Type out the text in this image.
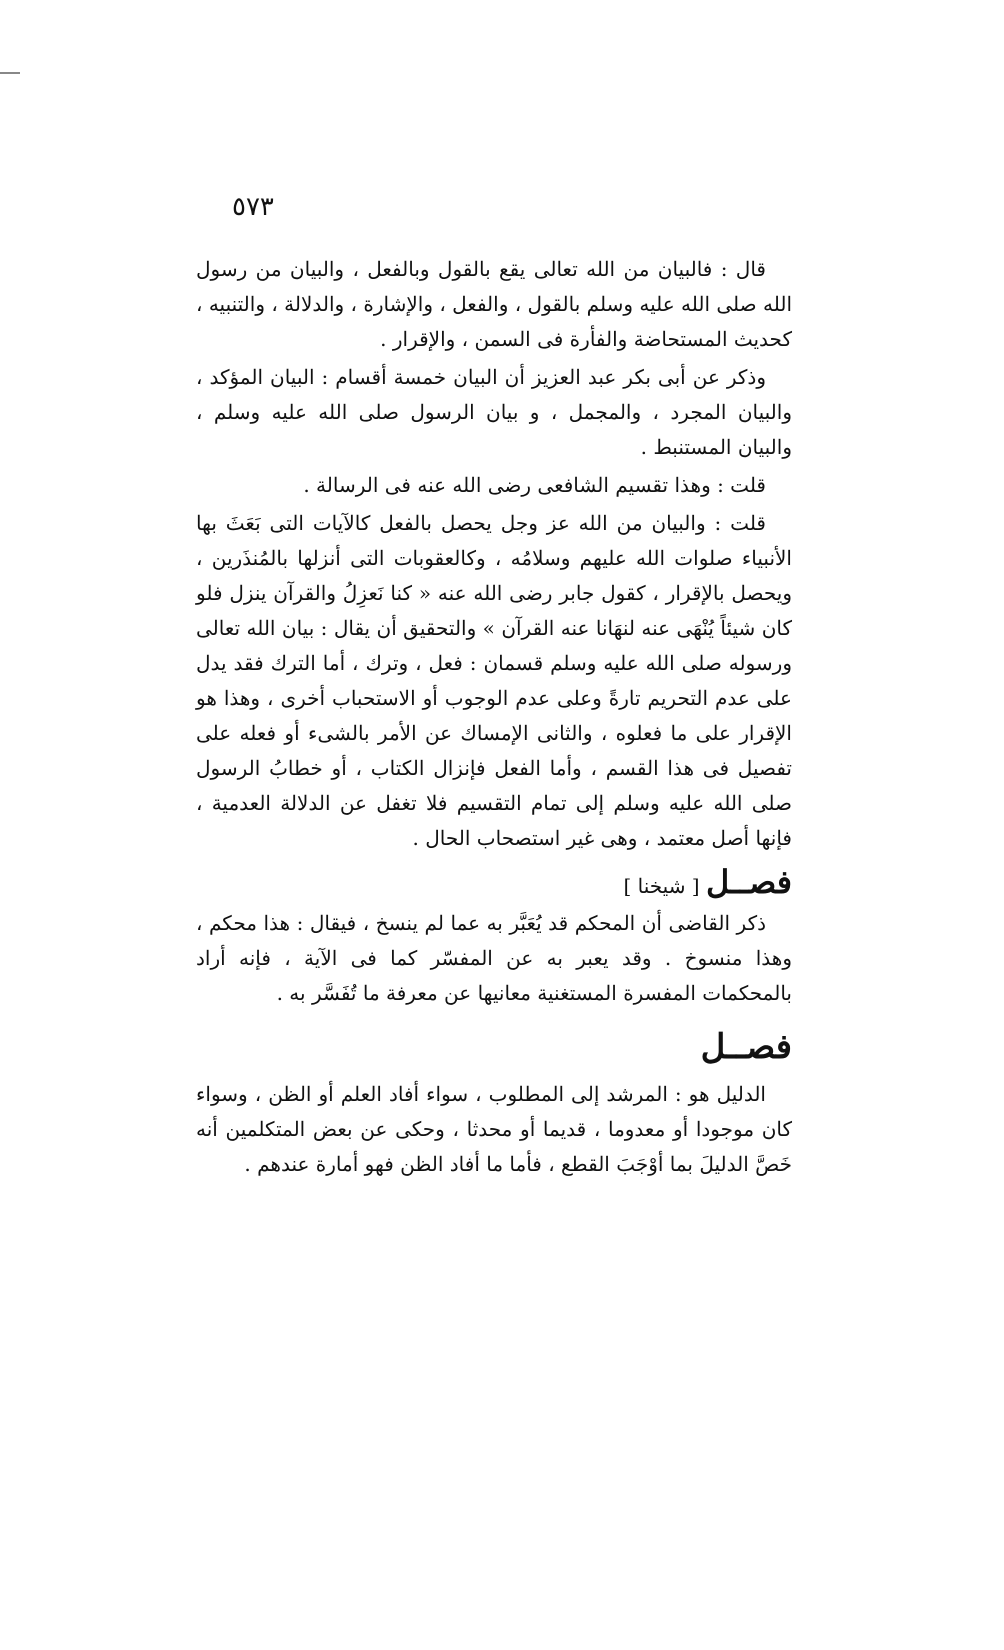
٥٧٣

قال : فالبيان من الله تعالى يقع بالقول وبالفعل ، والبيان من رسول الله صلى الله عليه وسلم بالقول ، والفعل ، والإشارة ، والدلالة ، والتنبيه ، كحديث المستحاضة والفأرة فى السمن ، والإقرار .

وذكر عن أبى بكر عبد العزيز أن البيان خمسة أقسام : البيان المؤكد ، والبيان المجرد ، والمجمل ، و بيان الرسول صلى الله عليه وسلم ، والبيان المستنبط .

قلت : وهذا تقسيم الشافعى رضى الله عنه فى الرسالة .

قلت : والبيان من الله عز وجل يحصل بالفعل كالآيات التى بَعَثَ بها الأنبياء صلوات الله عليهم وسلامُه ، وكالعقوبات التى أنزلها بالمُنذَرين ، ويحصل بالإقرار ، كقول جابر رضى الله عنه « كنا نَعزِلُ والقرآن ينزل فلو كان شيئاً يُنْهَى عنه لنهَانا عنه القرآن » والتحقيق أن يقال : بيان الله تعالى ورسوله صلى الله عليه وسلم قسمان : فعل ، وترك ، أما الترك فقد يدل على عدم التحريم تارةً وعلى عدم الوجوب أو الاستحباب أخرى ، وهذا هو الإقرار على ما فعلوه ، والثانى الإمساك عن الأمر بالشىء أو فعله على تفصيل فى هذا القسم ، وأما الفعل فإنزال الكتاب ، أو خطابُ الرسول صلى الله عليه وسلم إلى تمام التقسيم فلا تغفل عن الدلالة العدمية ، فإنها أصل معتمد ، وهى غير استصحاب الحال .

فصــل [ شيخنا ]

ذكر القاضى أن المحكم قد يُعَبَّر به عما لم ينسخ ، فيقال : هذا محكم ، وهذا منسوخ . وقد يعبر به عن المفسّر كما فى الآية ، فإنه أراد بالمحكمات المفسرة المستغنية معانيها عن معرفة ما تُفَسَّر به .

فصــل

الدليل هو : المرشد إلى المطلوب ، سواء أفاد العلم أو الظن ، وسواء كان موجودا أو معدوما ، قديما أو محدثا ، وحكى عن بعض المتكلمين أنه خَصَّ الدليلَ بما أوْجَبَ القطع ، فأما ما أفاد الظن فهو أمارة عندهم .
